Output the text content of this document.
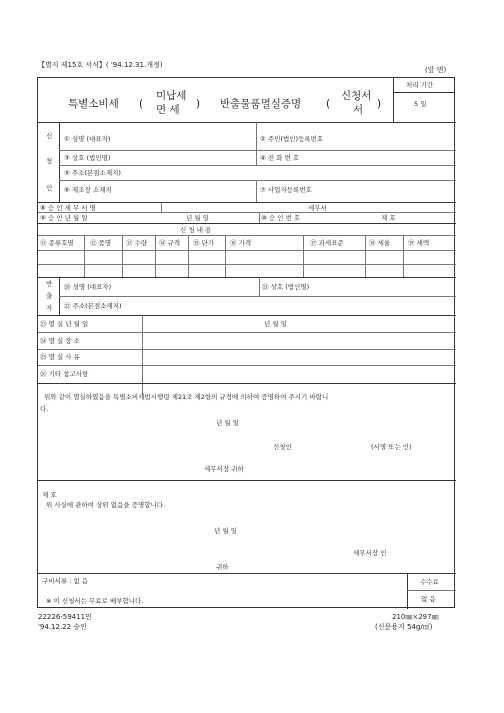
【별지 제15호 서식】( '94.12.31.개정)
(앞 면)
특별소비세 (
미납세
면 세 ) 반출물품멸실증명 (
신청서
서 )
처리 기간
5 일
신
청
인
① 성명 (대표자)	② 주민(법인)등록번호
③ 상호 (법인명)	④ 전 화 번 호
⑤ 주소(본점소재지)
⑥ 제조장 소재지	⑦ 사업자등록번호
⑧ 승 인 세 무 서 명	세무서
⑨ 승 인 년 월 일	년 월 일	⑩ 승 인 번 호	제 호
신 청 내 용
⑪ 종류호별	⑫ 품명 ⑬ 수량 ⑭ 규격 ⑮ 단가 ⑯ 가격	⑰ 과세표준	⑱ 세율	⑲ 세액
반
출
자
⑳ 성명 (대표자)	㉑ 상호 (법인명)
㉒ 주소(본점소재지)
㉓ 멸 실 년 월 일	년 월 일
㉔ 멸 실 장 소
㉕ 멸 실 사 유
㉖ 기타 참고사항
위와 같이 멸실하였음을 특별소비세법시행령 제21조 제2항의 규정에 의하여 증명하여 주시기 바랍니
다.
년 월 일
신청인	(서명 또는 인)
세무서장 귀하
제 호
위 사실에 관하여 상위 없음을 증명합니다.
년 월 일
세무서장 인
귀하
구비서류 : 없 음
※ 이 신청서는 무료로 배부합니다.
수수료
없 음
22226-59411민
'94.12.22 승인
210㎜×297㎜
(신문용지 54g/㎡)
